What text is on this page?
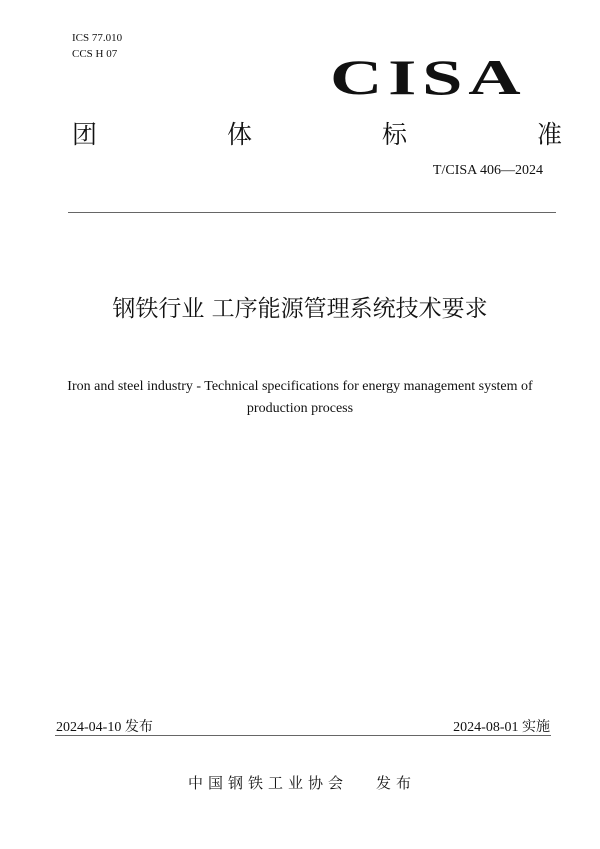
ICS 77.010
CCS H 07	CISA
团	体	标	准
T/CISA 406—2024
钢铁行业 工序能源管理系统技术要求
Iron and steel industry - Technical specifications for energy management system of
production process
2024-04-10 发布	2024-08-01 实施
中国钢铁工业协会 发布
